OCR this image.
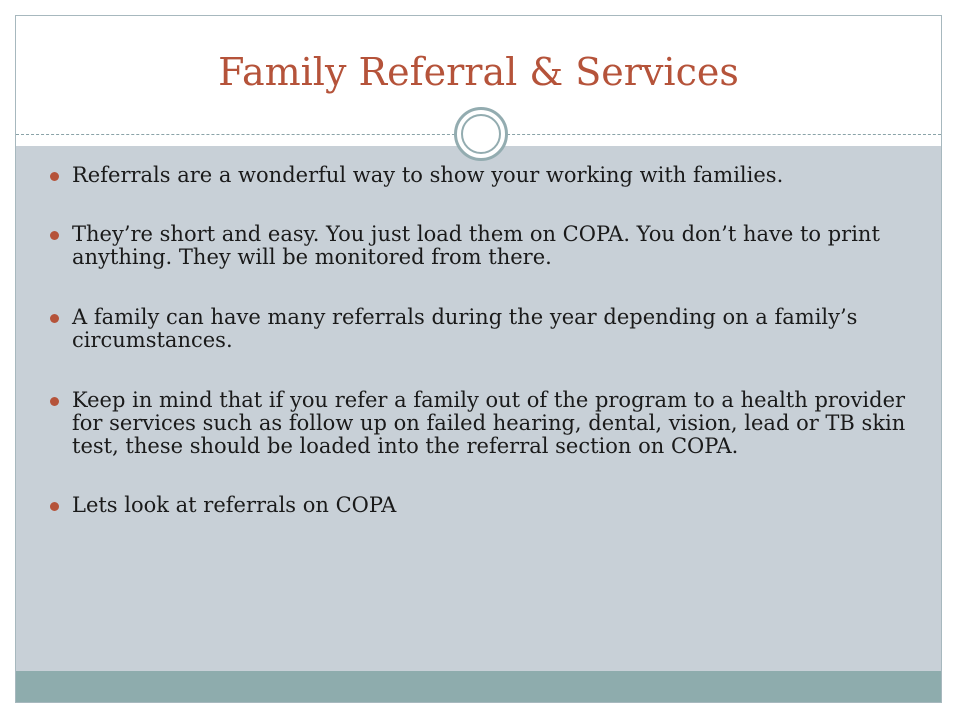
Family Referral & Services
Referrals are a wonderful way to show your working with families.
They’re short and easy. You just load them on COPA. You don’t have to print anything. They will be monitored from there.
A family can have many referrals during the year depending on a family’s circumstances.
Keep in mind that if you refer a family out of the program to a health provider for services such as follow up on failed hearing, dental, vision, lead or TB skin test, these should be loaded into the referral section on COPA.
Lets look at referrals on COPA
